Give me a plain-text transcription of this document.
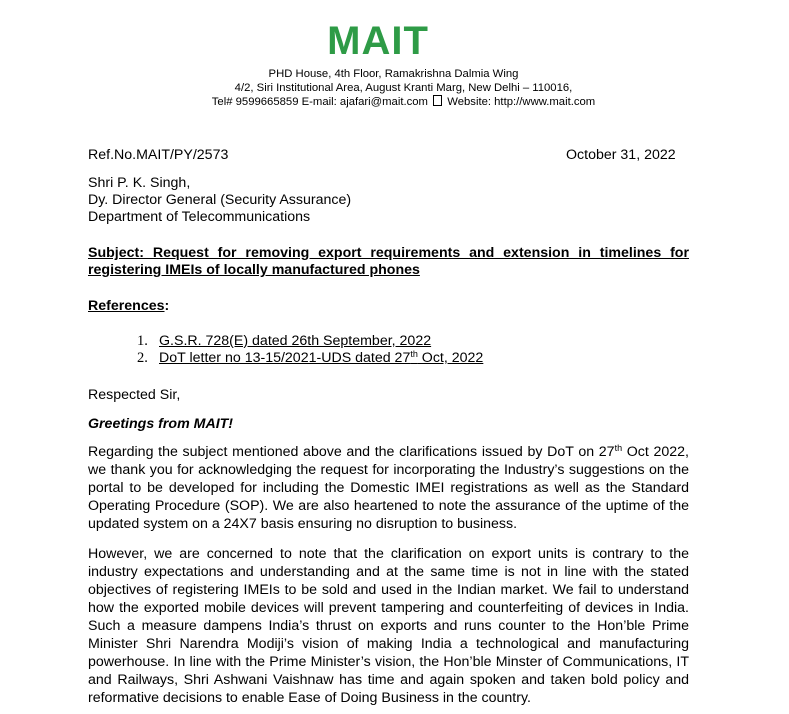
MAIT
PHD House, 4th Floor, Ramakrishna Dalmia Wing
4/2, Siri Institutional Area, August Kranti Marg, New Delhi – 110016,
Tel# 9599665859 E-mail: ajafari@mait.com Website: http://www.mait.com
Ref.No.MAIT/PY/2573	October 31, 2022
Shri P. K. Singh,
Dy. Director General (Security Assurance)
Department of Telecommunications
Subject: Request for removing export requirements and extension in timelines for registering IMEIs of locally manufactured phones
References:
1. G.S.R. 728(E) dated 26th September, 2022
2. DoT letter no 13-15/2021-UDS dated 27th Oct, 2022
Respected Sir,
Greetings from MAIT!
Regarding the subject mentioned above and the clarifications issued by DoT on 27th Oct 2022, we thank you for acknowledging the request for incorporating the Industry’s suggestions on the portal to be developed for including the Domestic IMEI registrations as well as the Standard Operating Procedure (SOP). We are also heartened to note the assurance of the uptime of the updated system on a 24X7 basis ensuring no disruption to business.
However, we are concerned to note that the clarification on export units is contrary to the industry expectations and understanding and at the same time is not in line with the stated objectives of registering IMEIs to be sold and used in the Indian market. We fail to understand how the exported mobile devices will prevent tampering and counterfeiting of devices in India. Such a measure dampens India’s thrust on exports and runs counter to the Hon’ble Prime Minister Shri Narendra Modiji’s vision of making India a technological and manufacturing powerhouse. In line with the Prime Minister’s vision, the Hon’ble Minster of Communications, IT and Railways, Shri Ashwani Vaishnaw has time and again spoken and taken bold policy and reformative decisions to enable Ease of Doing Business in the country.
